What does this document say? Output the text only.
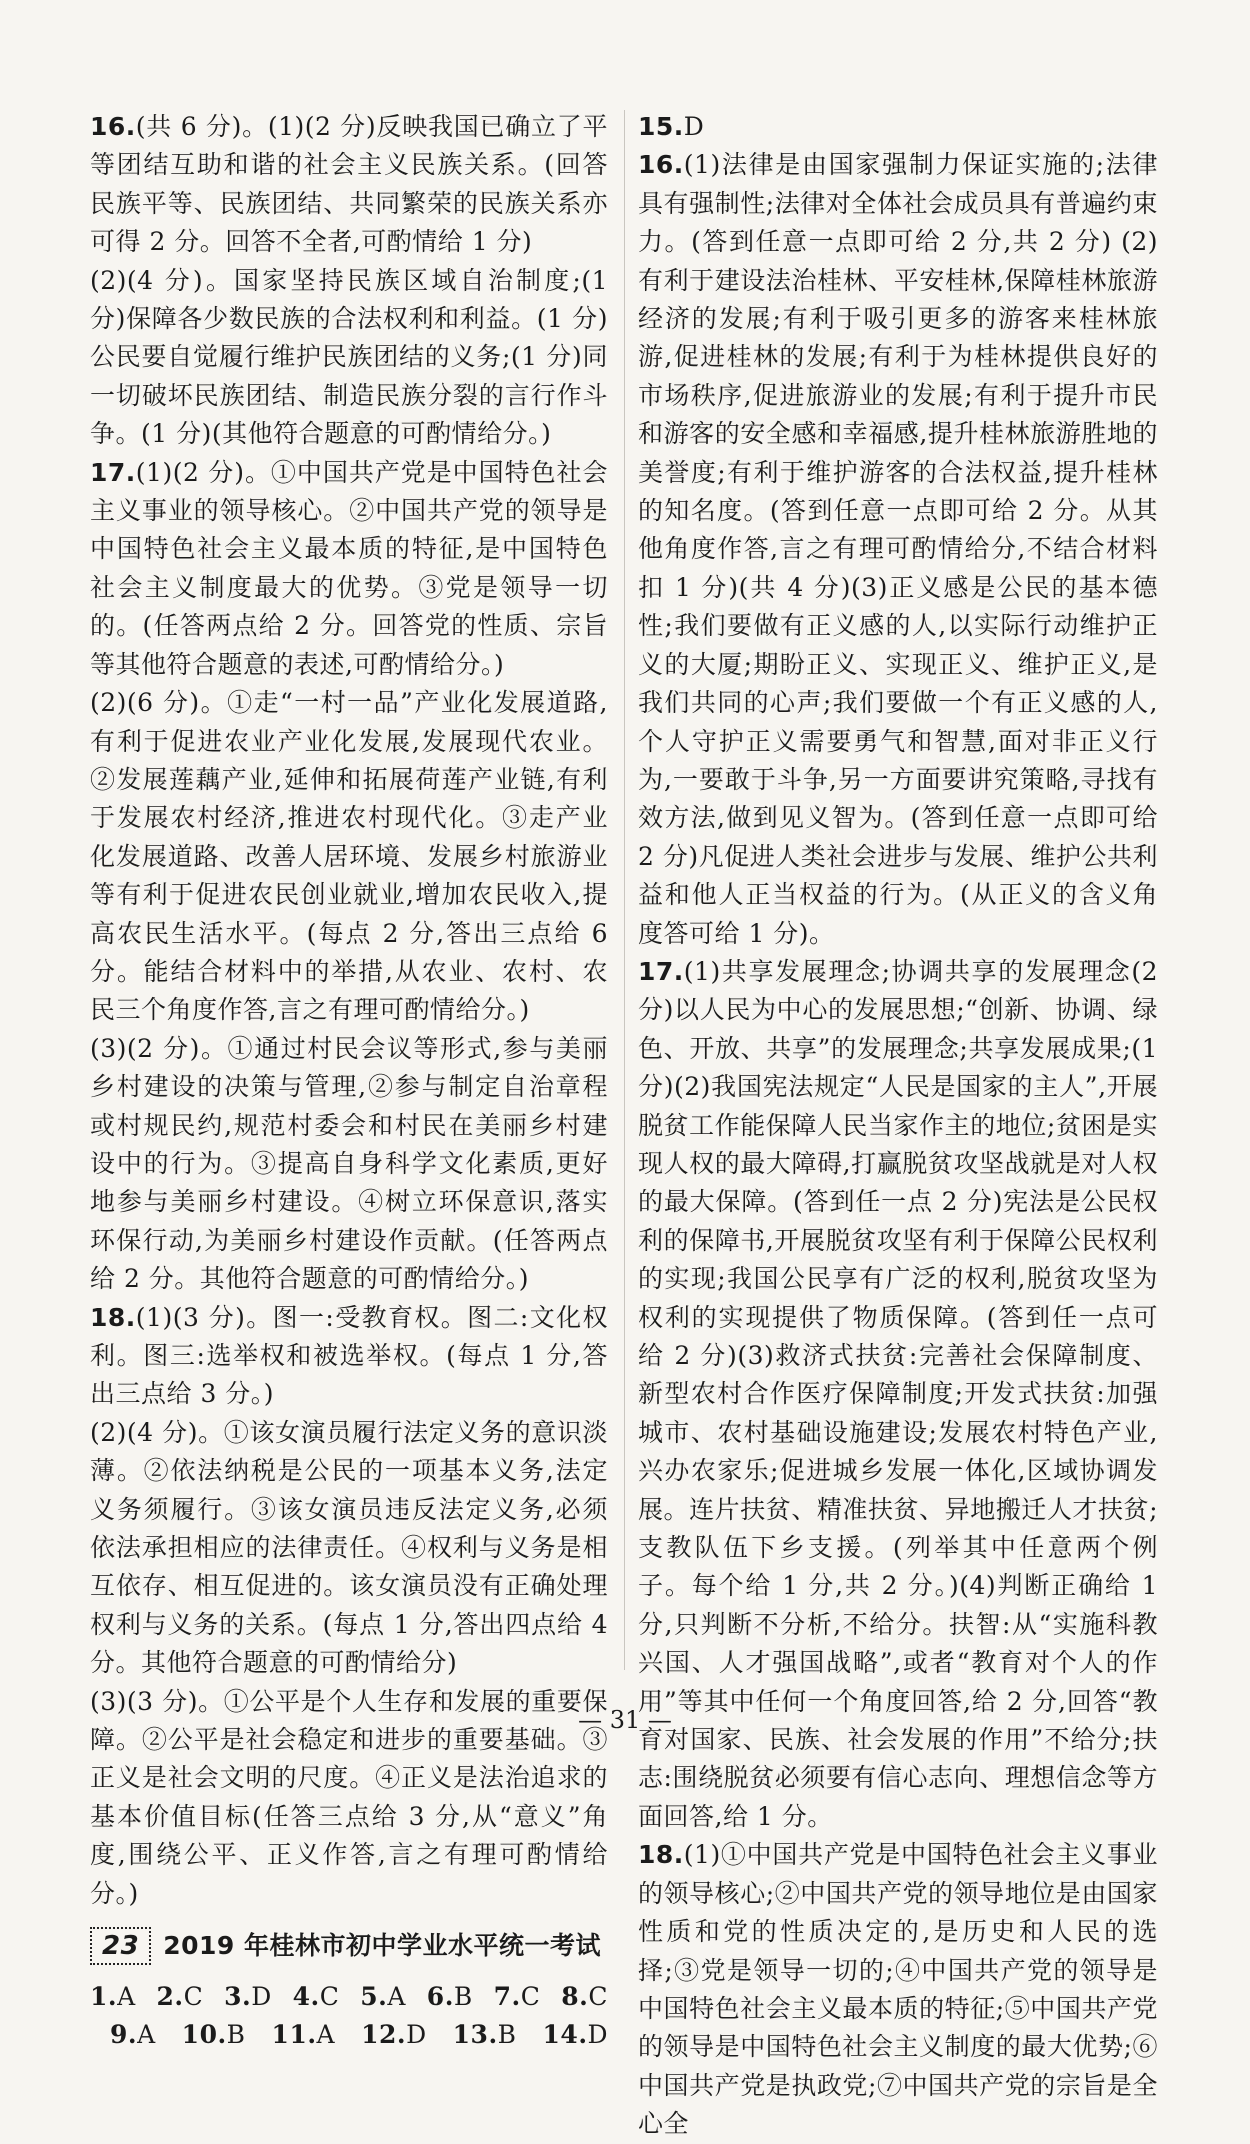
16.(共 6 分)。(1)(2 分)反映我国已确立了平等团结互助和谐的社会主义民族关系。(回答民族平等、民族团结、共同繁荣的民族关系亦可得 2 分。回答不全者,可酌情给 1 分)

(2)(4 分)。国家坚持民族区域自治制度;(1 分)保障各少数民族的合法权利和利益。(1 分)公民要自觉履行维护民族团结的义务;(1 分)同一切破坏民族团结、制造民族分裂的言行作斗争。(1 分)(其他符合题意的可酌情给分。)

17.(1)(2 分)。①中国共产党是中国特色社会主义事业的领导核心。②中国共产党的领导是中国特色社会主义最本质的特征,是中国特色社会主义制度最大的优势。③党是领导一切的。(任答两点给 2 分。回答党的性质、宗旨等其他符合题意的表述,可酌情给分。)

(2)(6 分)。①走“一村一品”产业化发展道路,有利于促进农业产业化发展,发展现代农业。②发展莲藕产业,延伸和拓展荷莲产业链,有利于发展农村经济,推进农村现代化。③走产业化发展道路、改善人居环境、发展乡村旅游业等有利于促进农民创业就业,增加农民收入,提高农民生活水平。(每点 2 分,答出三点给 6 分。能结合材料中的举措,从农业、农村、农民三个角度作答,言之有理可酌情给分。)

(3)(2 分)。①通过村民会议等形式,参与美丽乡村建设的决策与管理,②参与制定自治章程或村规民约,规范村委会和村民在美丽乡村建设中的行为。③提高自身科学文化素质,更好地参与美丽乡村建设。④树立环保意识,落实环保行动,为美丽乡村建设作贡献。(任答两点给 2 分。其他符合题意的可酌情给分。)

18.(1)(3 分)。图一:受教育权。图二:文化权利。图三:选举权和被选举权。(每点 1 分,答出三点给 3 分。)

(2)(4 分)。①该女演员履行法定义务的意识淡薄。②依法纳税是公民的一项基本义务,法定义务须履行。③该女演员违反法定义务,必须依法承担相应的法律责任。④权利与义务是相互依存、相互促进的。该女演员没有正确处理权利与义务的关系。(每点 1 分,答出四点给 4 分。其他符合题意的可酌情给分)

(3)(3 分)。①公平是个人生存和发展的重要保障。②公平是社会稳定和进步的重要基础。③正义是社会文明的尺度。④正义是法治追求的基本价值目标(任答三点给 3 分,从“意义”角度,围绕公平、正义作答,言之有理可酌情给分。)

23 2019 年桂林市初中学业水平统一考试
1.A 2.C 3.D 4.C 5.A 6.B 7.C 8.C
9.A 10.B 11.A 12.D 13.B 14.D

15.D

16.(1)法律是由国家强制力保证实施的;法律具有强制性;法律对全体社会成员具有普遍约束力。(答到任意一点即可给 2 分,共 2 分) (2)有利于建设法治桂林、平安桂林,保障桂林旅游经济的发展;有利于吸引更多的游客来桂林旅游,促进桂林的发展;有利于为桂林提供良好的市场秩序,促进旅游业的发展;有利于提升市民和游客的安全感和幸福感,提升桂林旅游胜地的美誉度;有利于维护游客的合法权益,提升桂林的知名度。(答到任意一点即可给 2 分。从其他角度作答,言之有理可酌情给分,不结合材料扣 1 分)(共 4 分)(3)正义感是公民的基本德性;我们要做有正义感的人,以实际行动维护正义的大厦;期盼正义、实现正义、维护正义,是我们共同的心声;我们要做一个有正义感的人,个人守护正义需要勇气和智慧,面对非正义行为,一要敢于斗争,另一方面要讲究策略,寻找有效方法,做到见义智为。(答到任意一点即可给 2 分)凡促进人类社会进步与发展、维护公共利益和他人正当权益的行为。(从正义的含义角度答可给 1 分)。

17.(1)共享发展理念;协调共享的发展理念(2 分)以人民为中心的发展思想;“创新、协调、绿色、开放、共享”的发展理念;共享发展成果;(1 分)(2)我国宪法规定“人民是国家的主人”,开展脱贫工作能保障人民当家作主的地位;贫困是实现人权的最大障碍,打赢脱贫攻坚战就是对人权的最大保障。(答到任一点 2 分)宪法是公民权利的保障书,开展脱贫攻坚有利于保障公民权利的实现;我国公民享有广泛的权利,脱贫攻坚为权利的实现提供了物质保障。(答到任一点可给 2 分)(3)救济式扶贫:完善社会保障制度、新型农村合作医疗保障制度;开发式扶贫:加强城市、农村基础设施建设;发展农村特色产业,兴办农家乐;促进城乡发展一体化,区域协调发展。连片扶贫、精准扶贫、异地搬迁人才扶贫;支教队伍下乡支援。(列举其中任意两个例子。每个给 1 分,共 2 分。)(4)判断正确给 1 分,只判断不分析,不给分。扶智:从“实施科教兴国、人才强国战略”,或者“教育对个人的作用”等其中任何一个角度回答,给 2 分,回答“教育对国家、民族、社会发展的作用”不给分;扶志:围绕脱贫必须要有信心志向、理想信念等方面回答,给 1 分。

18.(1)①中国共产党是中国特色社会主义事业的领导核心;②中国共产党的领导地位是由国家性质和党的性质决定的,是历史和人民的选择;③党是领导一切的;④中国共产党的领导是中国特色社会主义最本质的特征;⑤中国共产党的领导是中国特色社会主义制度的最大优势;⑥中国共产党是执政党;⑦中国共产党的宗旨是全心全

— 31 —
